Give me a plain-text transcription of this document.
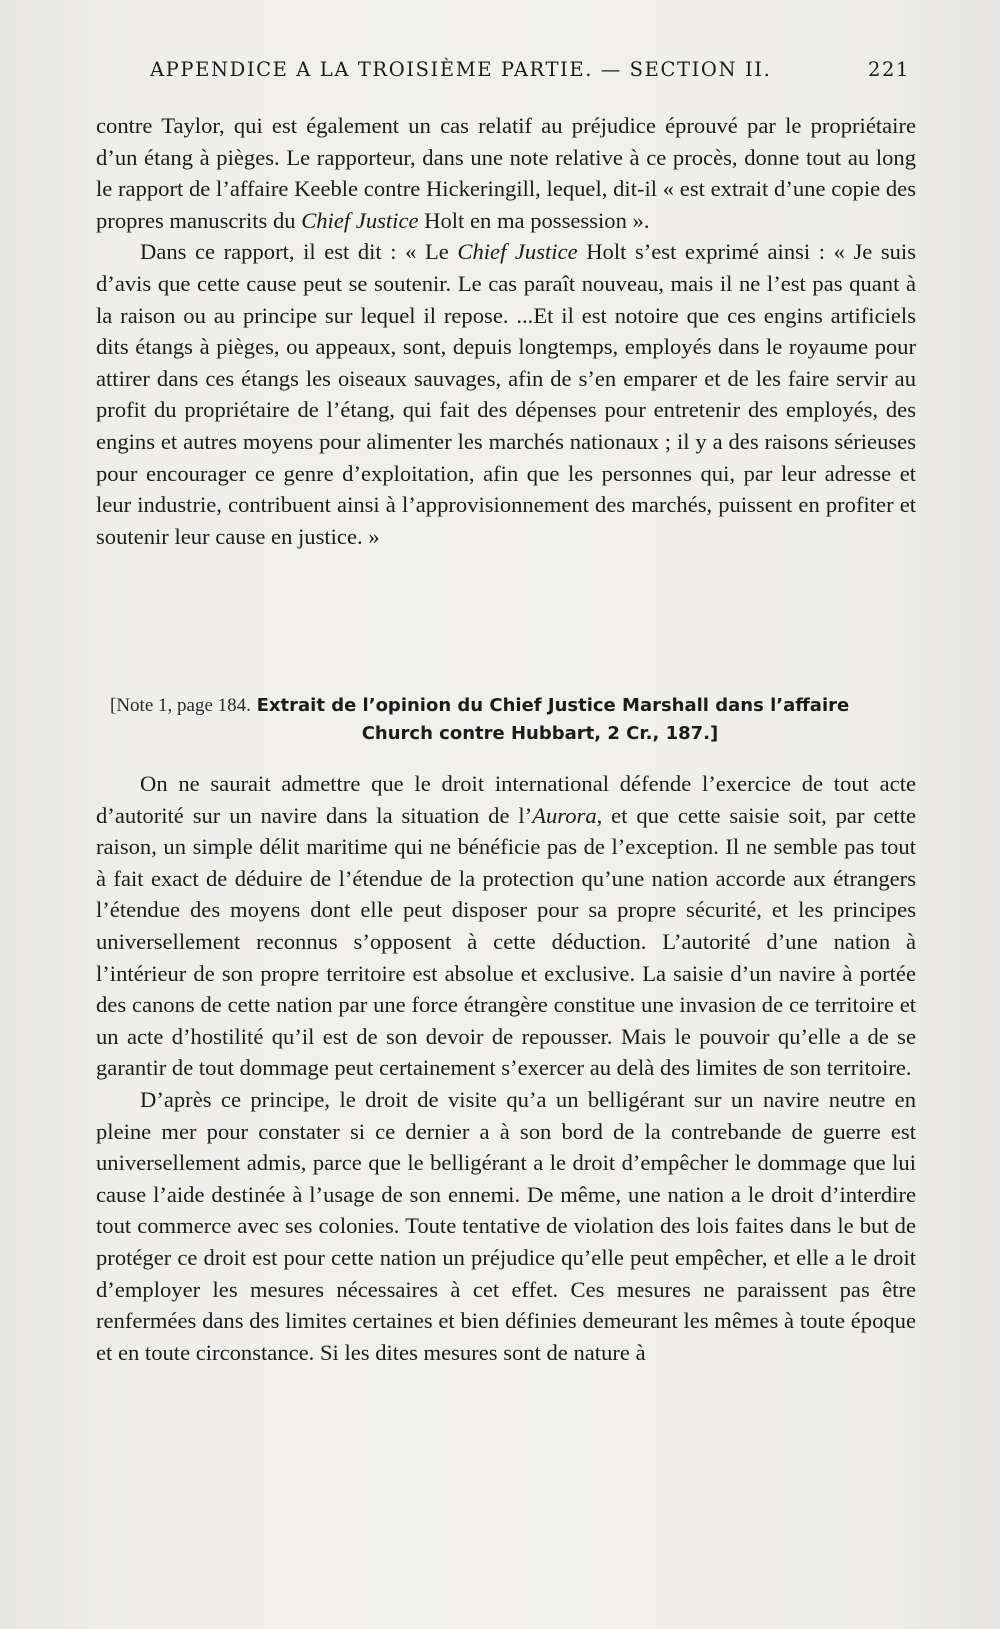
APPENDICE A LA TROISIÈME PARTIE. — SECTION II.	221

contre Taylor, qui est également un cas relatif au préjudice éprouvé par le propriétaire d’un étang à pièges. Le rapporteur, dans une note relative à ce procès, donne tout au long le rapport de l’affaire Keeble contre Hickeringill, lequel, dit-il « est extrait d’une copie des propres manuscrits du Chief Justice Holt en ma possession ».

Dans ce rapport, il est dit : « Le Chief Justice Holt s’est exprimé ainsi : « Je suis d’avis que cette cause peut se soutenir. Le cas paraît nouveau, mais il ne l’est pas quant à la raison ou au principe sur lequel il repose. ...Et il est notoire que ces engins artificiels dits étangs à pièges, ou appeaux, sont, depuis longtemps, employés dans le royaume pour attirer dans ces étangs les oiseaux sauvages, afin de s’en emparer et de les faire servir au profit du propriétaire de l’étang, qui fait des dépenses pour entretenir des employés, des engins et autres moyens pour alimenter les marchés nationaux ; il y a des raisons sérieuses pour encourager ce genre d’exploitation, afin que les personnes qui, par leur adresse et leur industrie, contribuent ainsi à l’approvisionnement des marchés, puissent en profiter et soutenir leur cause en justice. »

[Note 1, page 184. Extrait de l’opinion du Chief Justice Marshall dans l’affaire
Church contre Hubbart, 2 Cr., 187.]

On ne saurait admettre que le droit international défende l’exercice de tout acte d’autorité sur un navire dans la situation de l’Aurora, et que cette saisie soit, par cette raison, un simple délit maritime qui ne bénéficie pas de l’exception. Il ne semble pas tout à fait exact de déduire de l’étendue de la protection qu’une nation accorde aux étrangers l’étendue des moyens dont elle peut disposer pour sa propre sécurité, et les principes universellement reconnus s’opposent à cette déduction. L’autorité d’une nation à l’intérieur de son propre territoire est absolue et exclusive. La saisie d’un navire à portée des canons de cette nation par une force étrangère constitue une invasion de ce territoire et un acte d’hostilité qu’il est de son devoir de repousser. Mais le pouvoir qu’elle a de se garantir de tout dommage peut certainement s’exercer au delà des limites de son territoire.

D’après ce principe, le droit de visite qu’a un belligérant sur un navire neutre en pleine mer pour constater si ce dernier a à son bord de la contrebande de guerre est universellement admis, parce que le belligérant a le droit d’empêcher le dommage que lui cause l’aide destinée à l’usage de son ennemi. De même, une nation a le droit d’interdire tout commerce avec ses colonies. Toute tentative de violation des lois faites dans le but de protéger ce droit est pour cette nation un préjudice qu’elle peut empêcher, et elle a le droit d’employer les mesures nécessaires à cet effet. Ces mesures ne paraissent pas être renfermées dans des limites certaines et bien définies demeurant les mêmes à toute époque et en toute circonstance. Si les dites mesures sont de nature à
